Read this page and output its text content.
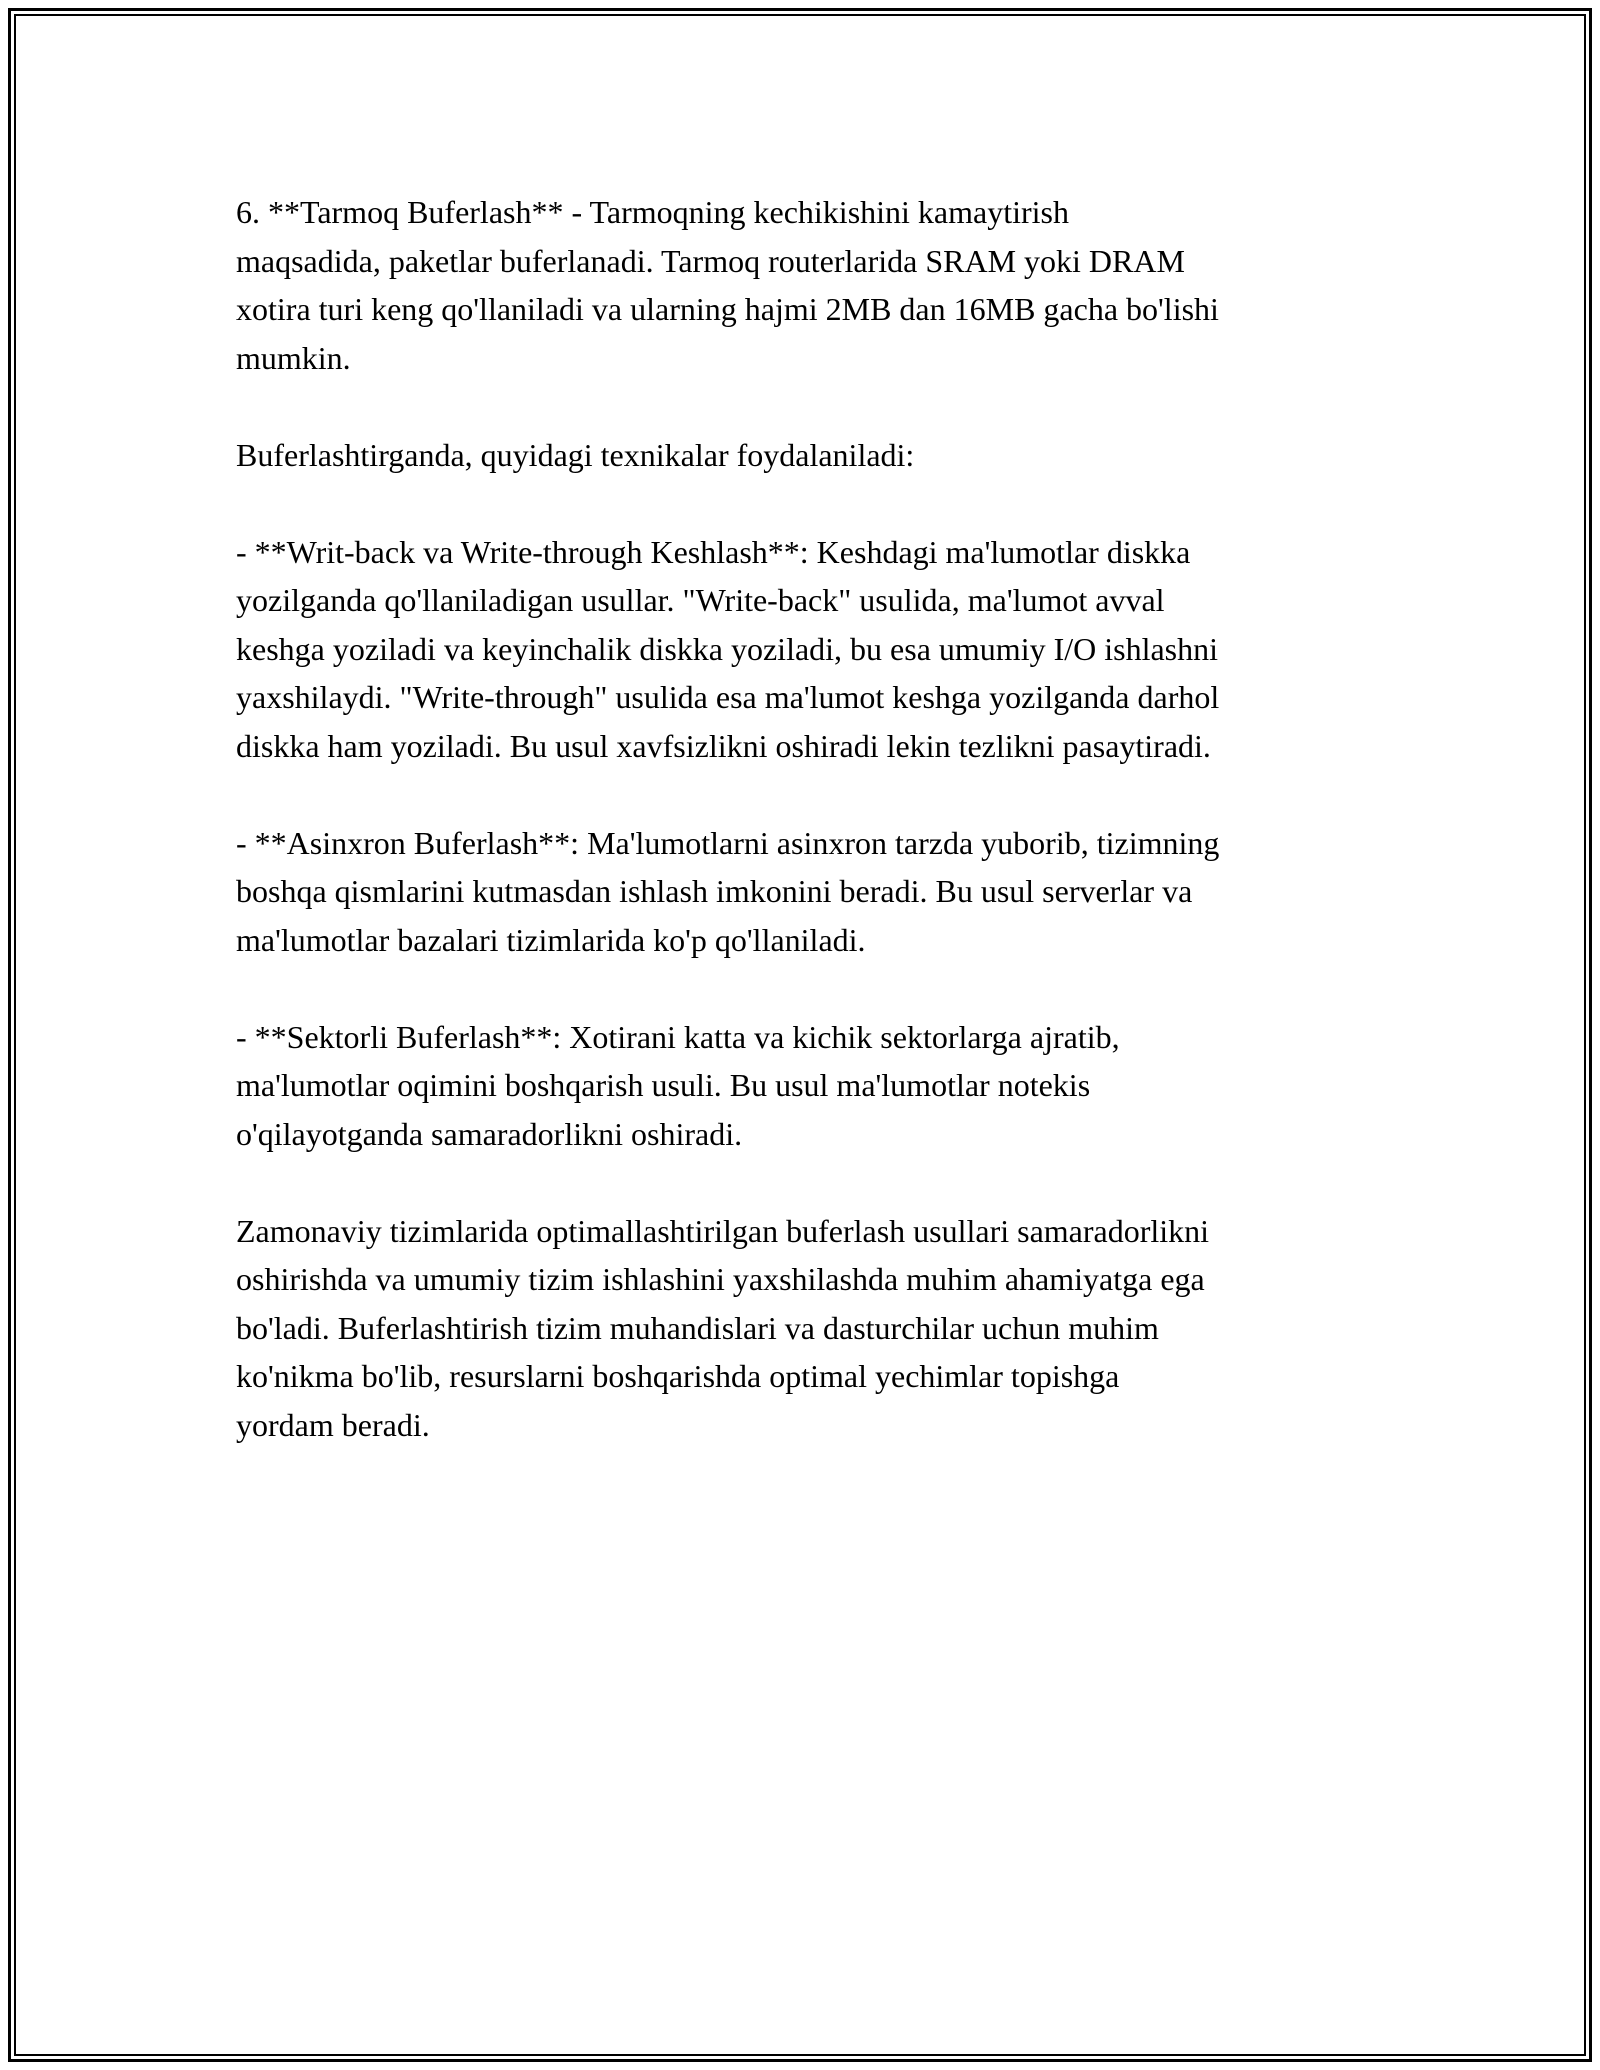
6. **Tarmoq Buferlash** - Tarmoqning kechikishini kamaytirish
maqsadida, paketlar buferlanadi. Tarmoq routerlarida SRAM yoki DRAM
xotira turi keng qo'llaniladi va ularning hajmi 2MB dan 16MB gacha bo'lishi
mumkin.

Buferlashtirganda, quyidagi texnikalar foydalaniladi:

- **Writ-back va Write-through Keshlash**: Keshdagi ma'lumotlar diskka
yozilganda qo'llaniladigan usullar. "Write-back" usulida, ma'lumot avval
keshga yoziladi va keyinchalik diskka yoziladi, bu esa umumiy I/O ishlashni
yaxshilaydi. "Write-through" usulida esa ma'lumot keshga yozilganda darhol
diskka ham yoziladi. Bu usul xavfsizlikni oshiradi lekin tezlikni pasaytiradi.

- **Asinxron Buferlash**: Ma'lumotlarni asinxron tarzda yuborib, tizimning
boshqa qismlarini kutmasdan ishlash imkonini beradi. Bu usul serverlar va
ma'lumotlar bazalari tizimlarida ko'p qo'llaniladi.

- **Sektorli Buferlash**: Xotirani katta va kichik sektorlarga ajratib,
ma'lumotlar oqimini boshqarish usuli. Bu usul ma'lumotlar notekis
o'qilayotganda samaradorlikni oshiradi.

Zamonaviy tizimlarida optimallashtirilgan buferlash usullari samaradorlikni
oshirishda va umumiy tizim ishlashini yaxshilashda muhim ahamiyatga ega
bo'ladi. Buferlashtirish tizim muhandislari va dasturchilar uchun muhim
ko'nikma bo'lib, resurslarni boshqarishda optimal yechimlar topishga
yordam beradi.
